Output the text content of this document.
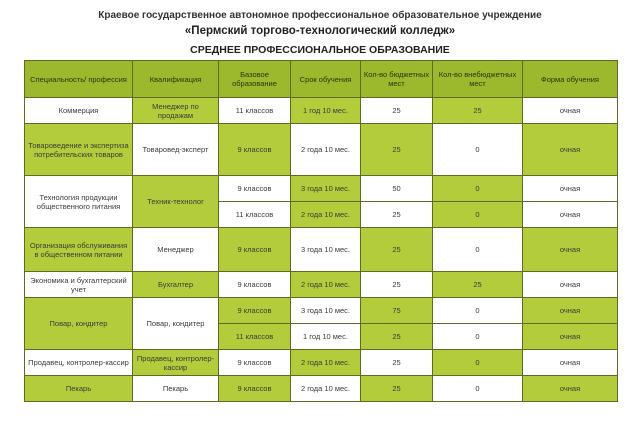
Краевое государственное автономное профессиональное образовательное учреждение
«Пермский торгово-технологический колледж»
СРЕДНЕЕ ПРОФЕССИОНАЛЬНОЕ ОБРАЗОВАНИЕ
Специальность/ профессия	Квалификация	Базовое образование	Срок обучения	Кол-во бюджетных мест	Кол-во внебюджетных мест	Форма обучения
Коммерция	Менеджер по продажам	11 классов	1 год 10 мес.	25	25	очная
Товароведение и экспертиза потребительских товаров	Товаровед-эксперт	9 классов	2 года 10 мес.	25	0	очная
Технология продукции общественного питания	Техник-технолог	9 классов	3 года 10 мес.	50	0	очная
		11 классов	2 года 10 мес.	25	0	очная
Организация обслуживания в общественном питании	Менеджер	9 классов	3 года 10 мес.	25	0	очная
Экономика и бухгалтерский учет	Бухгалтер	9 классов	2 года 10 мес.	25	25	очная
Повар, кондитер	Повар, кондитер	9 классов	3 года 10 мес.	75	0	очная
		11 классов	1 год 10 мес.	25	0	очная
Продавец, контролер-кассир	Продавец, контролер-кассир	9 классов	2 года 10 мес.	25	0	очная
Пекарь	Пекарь	9 классов	2 года 10 мес.	25	0	очная
